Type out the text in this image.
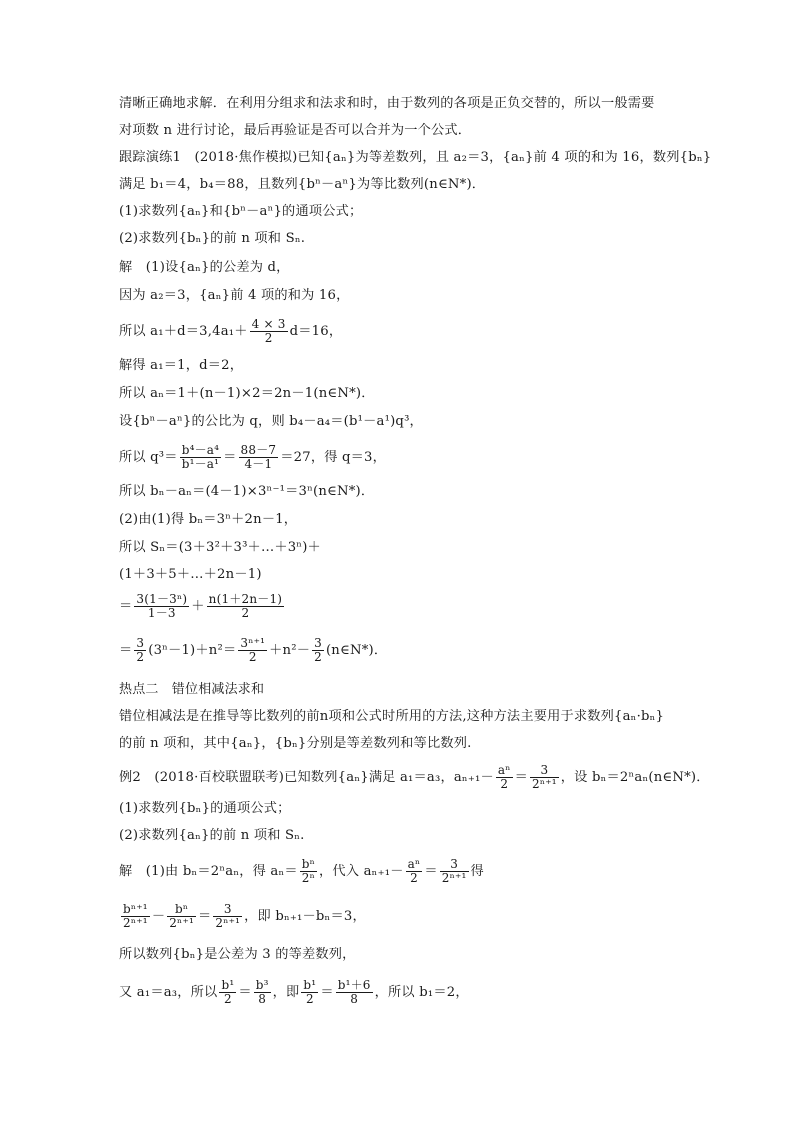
清晰正确地求解．在利用分组求和法求和时，由于数列的各项是正负交替的，所以一般需要
对项数 n 进行讨论，最后再验证是否可以合并为一个公式．
跟踪演练1　(2018·焦作模拟)已知{aₙ}为等差数列，且 a₂＝3，{aₙ}前 4 项的和为 16，数列{bₙ}
满足 b₁＝4，b₄＝88，且数列{bⁿ－aⁿ}为等比数列(n∈N*)．
(1)求数列{aₙ}和{bⁿ－aⁿ}的通项公式；
(2)求数列{bₙ}的前 n 项和 Sₙ.
解　(1)设{aₙ}的公差为 d，
因为 a₂＝3，{aₙ}前 4 项的和为 16，
所以 $a_1+d=3,4a_1+ \frac{4 \times 3}{2} d=16$，
解得 a₁＝1，d＝2，
所以 aₙ＝1＋(n－1)×2＝2n－1(n∈N*)．
设{bⁿ－aⁿ}的公比为 q，则 b₄－a₄＝(b¹－a¹)q³，
所以 $q^3= \frac{\text{b⁴－a⁴}}{\text{b¹－a¹}} = \frac{88-7}{4-1} =27$，得 q＝3，
所以 bₙ－aₙ＝(4－1)×3ⁿ⁻¹＝3ⁿ(n∈N*)．
(2)由(1)得 bₙ＝3ⁿ＋2n－1，
所以 Sₙ＝(3＋3²＋3³＋…＋3ⁿ)＋
(1＋3＋5＋…＋2n－1)
＝ $\frac{\text{3(1－3ⁿ)}}{1-3} + \frac{n(1+2n-1)}{2}$
＝ $\frac{3}{2} (3^n-1)+n^2= \frac{\text{3ⁿ⁺¹}}{2} +n^2- \frac{3}{2}$ (n∈N*)．
热点二　错位相减法求和
错位相减法是在推导等比数列的前n项和公式时所用的方法,这种方法主要用于求数列{aₙ·bₙ}
的前 n 项和，其中{aₙ}，{bₙ}分别是等差数列和等比数列.
例2　(2018·百校联盟联考)已知数列{aₙ}满足 a₁＝a₃，$a_{n+1}- \frac{\text{aⁿ}}{2} = \frac{3}{\text{2ⁿ⁺¹}}$ ，设 bₙ＝2ⁿaₙ(n∈N*)．
(1)求数列{bₙ}的通项公式；
(2)求数列{aₙ}的前 n 项和 Sₙ.
解　(1)由 bₙ＝2ⁿaₙ，得 $a_n= \frac{\text{bⁿ}}{\text{2ⁿ}}$ ，代入 $a_{n+1}- \frac{\text{aⁿ}}{2} = \frac{3}{\text{2ⁿ⁺¹}}$ 得
$\frac{\text{bⁿ⁺¹}}{\text{2ⁿ⁺¹}} - \frac{\text{bⁿ}}{\text{2ⁿ⁺¹}} = \frac{3}{\text{2ⁿ⁺¹}}$ ，即 bₙ₊₁－bₙ＝3，
所以数列{bₙ}是公差为 3 的等差数列，
又 a₁＝a₃，所以 $\frac{\text{b¹}}{2} = \frac{\text{b³}}{8}$ ，即 $\frac{\text{b¹}}{2} = \frac{\text{b¹＋6}}{8}$ ，所以 b₁＝2，
